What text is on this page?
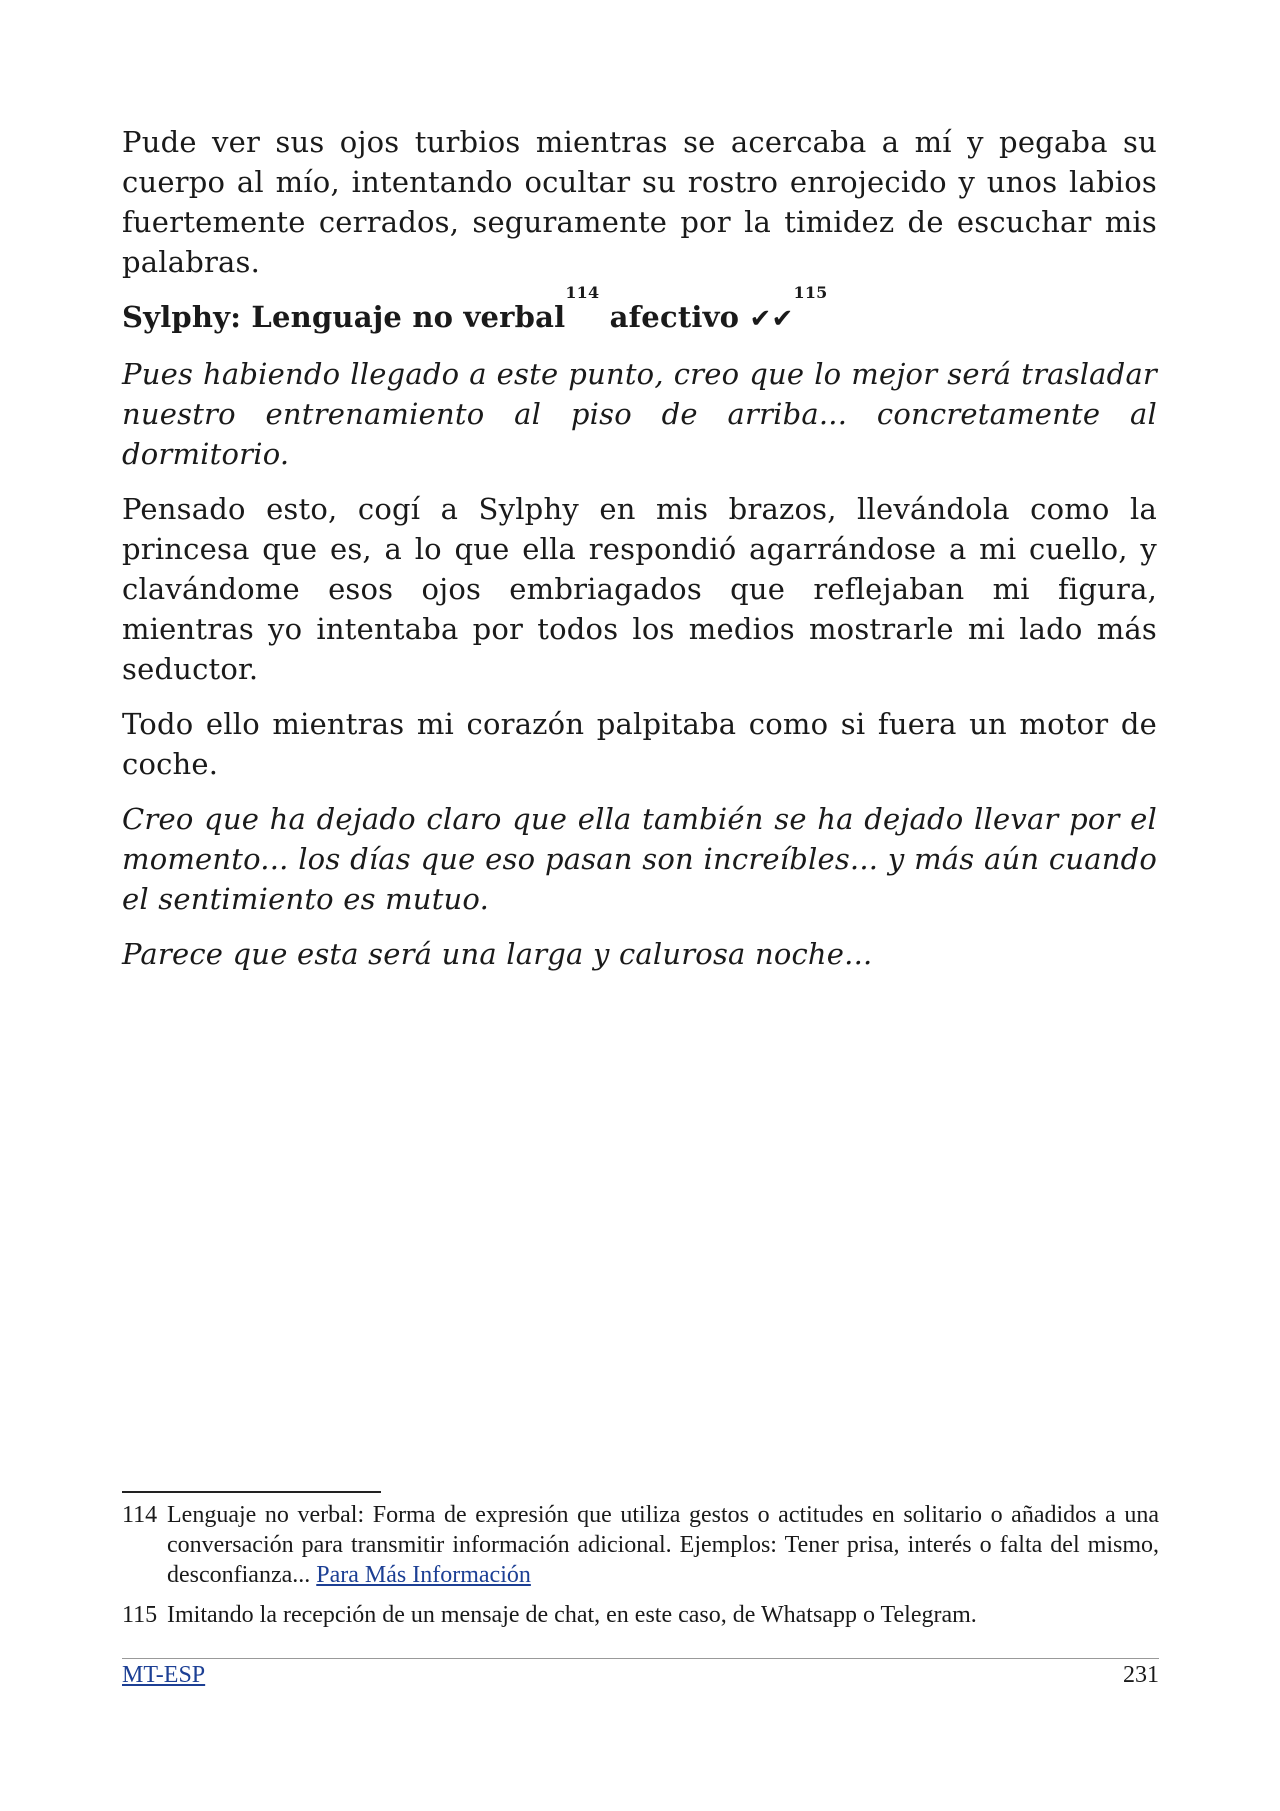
Pude ver sus ojos turbios mientras se acercaba a mí y pegaba su cuerpo al mío, intentando ocultar su rostro enrojecido y unos labios fuertemente cerrados, seguramente por la timidez de escuchar mis palabras.

Sylphy: Lenguaje no verbal$^{114}$ afectivo ✔✔$^{115}$

Pues habiendo llegado a este punto, creo que lo mejor será trasladar nuestro entrenamiento al piso de arriba... concretamente al dormitorio.

Pensado esto, cogí a Sylphy en mis brazos, llevándola como la princesa que es, a lo que ella respondió agarrándose a mi cuello, y clavándome esos ojos embriagados que reflejaban mi figura, mientras yo intentaba por todos los medios mostrarle mi lado más seductor.

Todo ello mientras mi corazón palpitaba como si fuera un motor de coche.

Creo que ha dejado claro que ella también se ha dejado llevar por el momento... los días que eso pasan son increíbles... y más aún cuando el sentimiento es mutuo.

Parece que esta será una larga y calurosa noche...

114 Lenguaje no verbal: Forma de expresión que utiliza gestos o actitudes en solitario o añadidos a una conversación para transmitir información adicional. Ejemplos: Tener prisa, interés o falta del mismo, desconfianza... Para Más Información
115 Imitando la recepción de un mensaje de chat, en este caso, de Whatsapp o Telegram.
MT-ESP	231
